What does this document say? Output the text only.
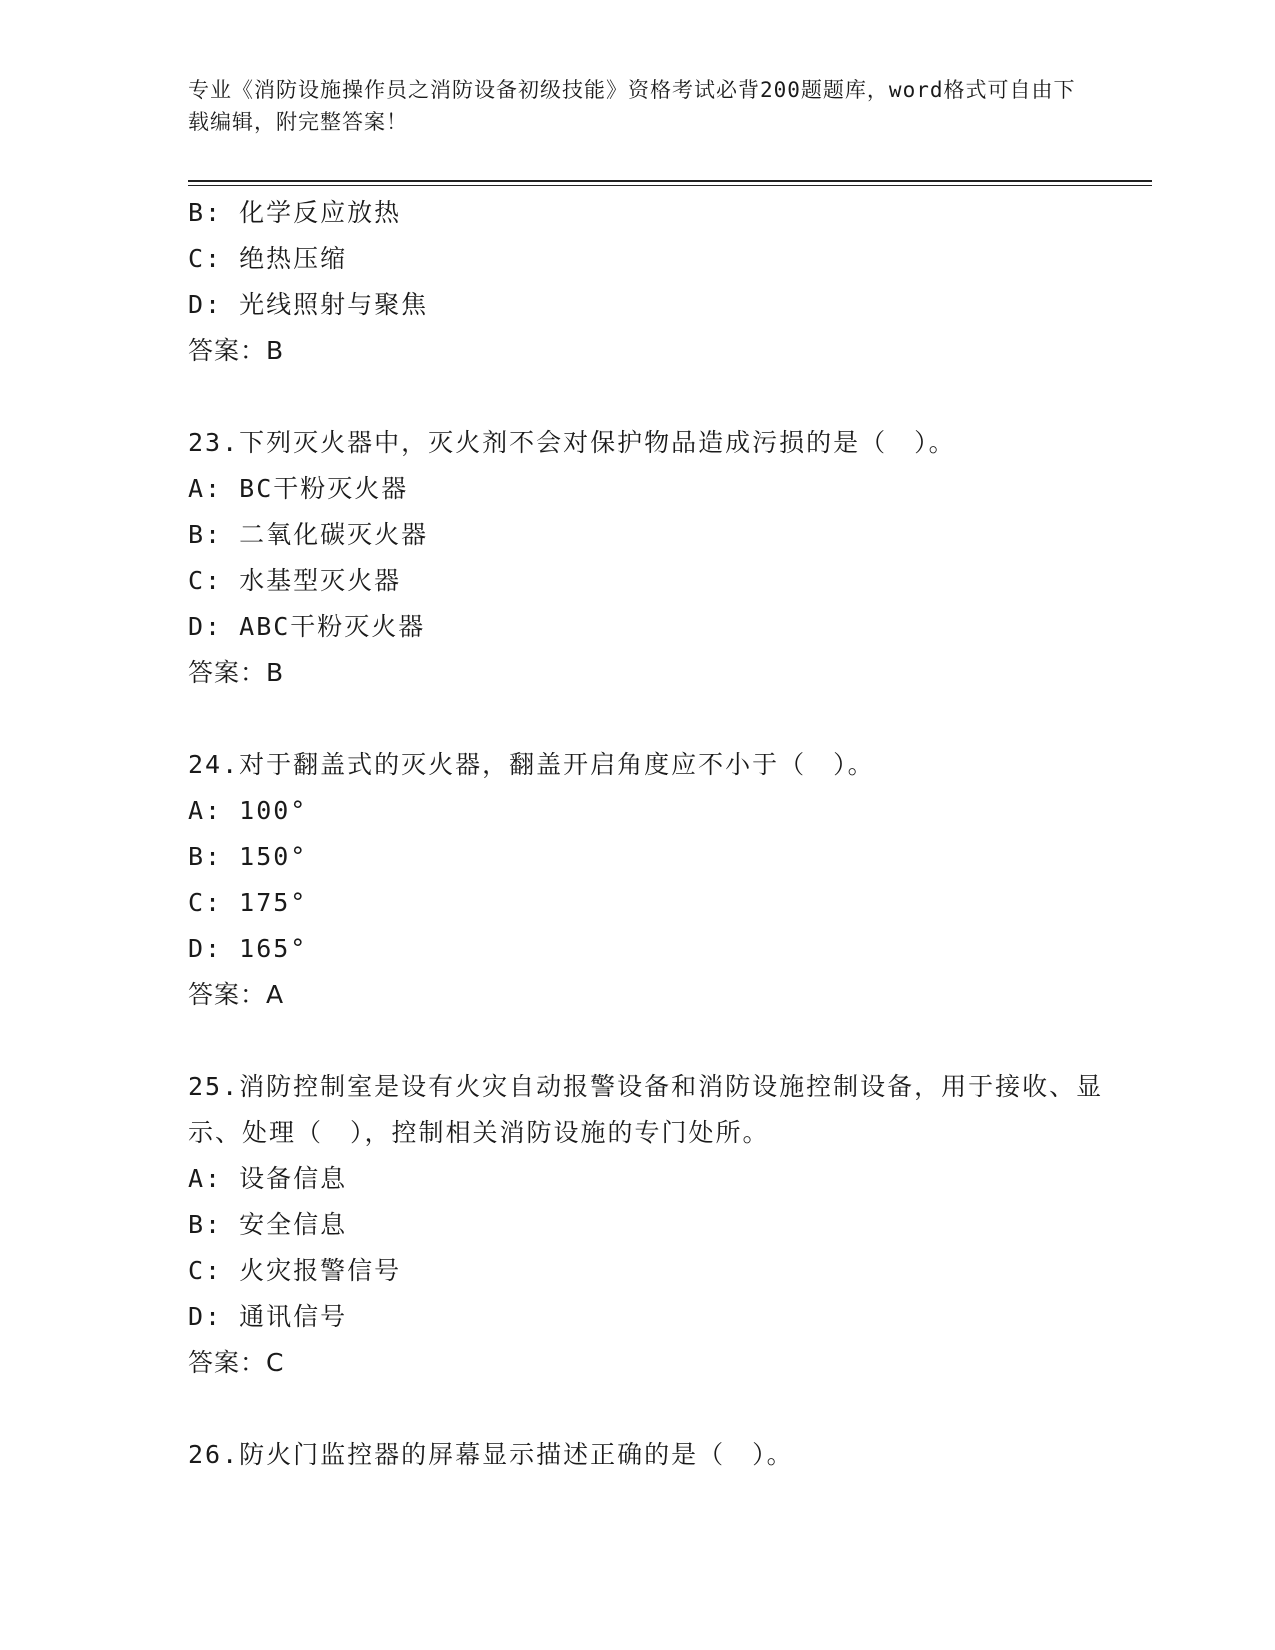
专业《消防设施操作员之消防设备初级技能》资格考试必背200题题库，word格式可自由下载编辑，附完整答案！
B: 化学反应放热
C: 绝热压缩
D: 光线照射与聚焦
答案：B
23.下列灭火器中，灭火剂不会对保护物品造成污损的是（　）。
A: BC干粉灭火器
B: 二氧化碳灭火器
C: 水基型灭火器
D: ABC干粉灭火器
答案：B
24.对于翻盖式的灭火器，翻盖开启角度应不小于（　）。
A: 100°
B: 150°
C: 175°
D: 165°
答案：A
25.消防控制室是设有火灾自动报警设备和消防设施控制设备，用于接收、显示、处理（　），控制相关消防设施的专门处所。
A: 设备信息
B: 安全信息
C: 火灾报警信号
D: 通讯信号
答案：C
26.防火门监控器的屏幕显示描述正确的是（　）。
